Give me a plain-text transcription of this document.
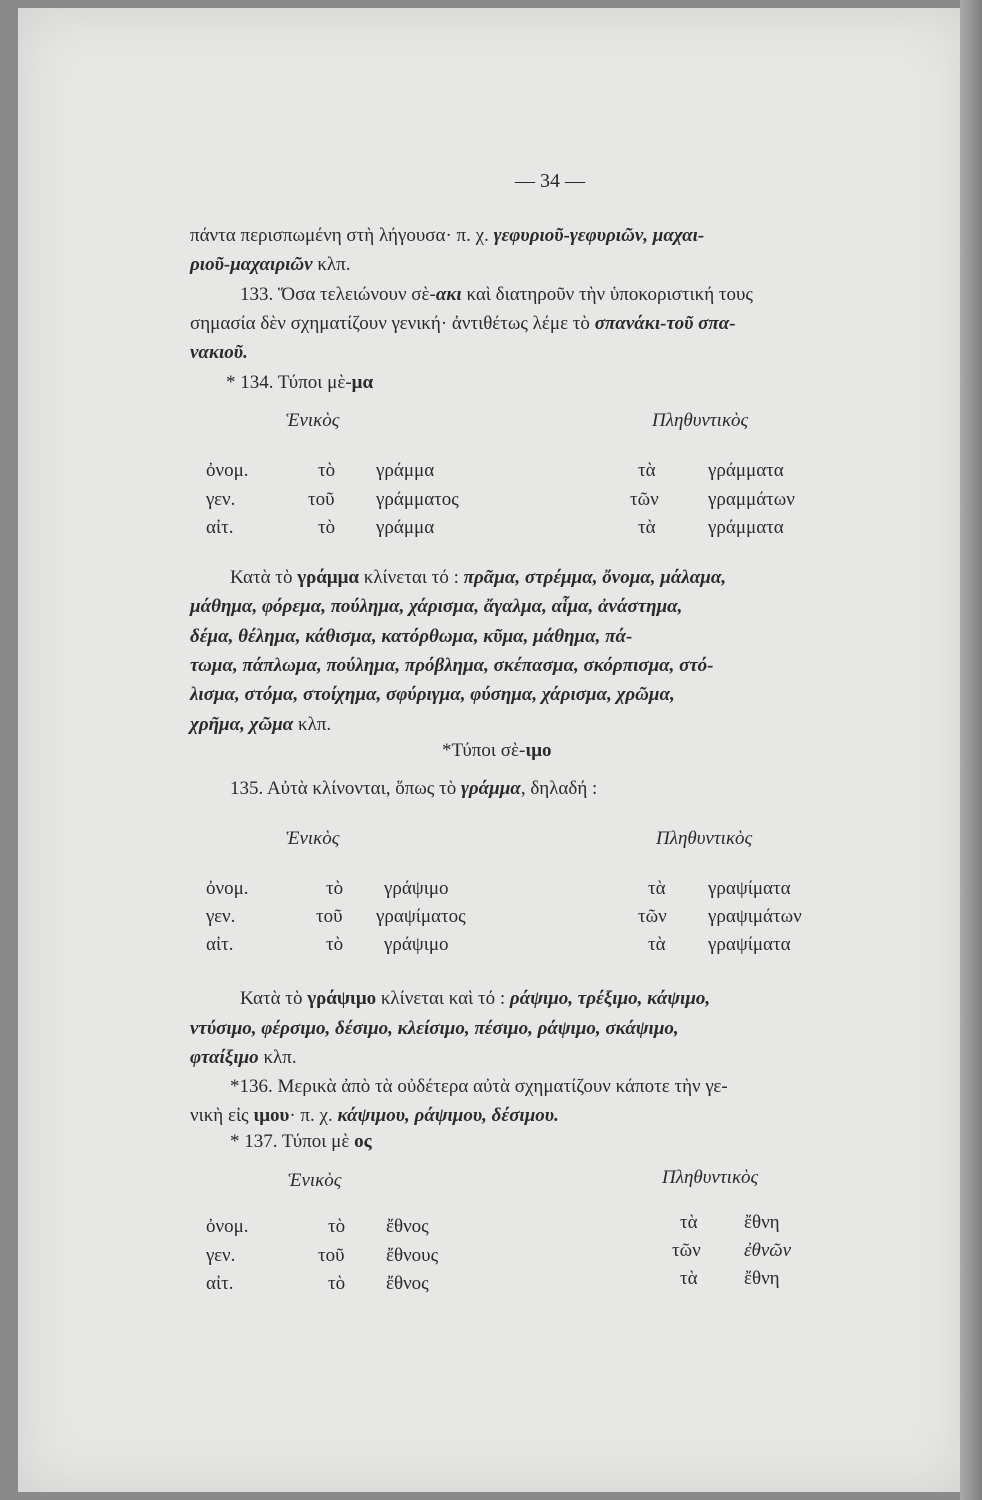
— 34 —
πάντα περισπωμένη στὴ λήγουσα· π. χ. γεφυριοῦ-γεφυριῶν, μαχαι-
ριοῦ-μαχαιριῶν κλπ.
133. Ὅσα τελειώνουν σὲ-ακι καὶ διατηροῦν τὴν ὑποκοριστική τους
σημασία δὲν σχηματίζουν γενική· ἀντιθέτως λέμε τὸ σπανάκι-τοῦ σπα-
νακιοῦ.
* 134. Τύποι μὲ-μα
Ἑνικὸς	Πληθυντικὸς
ὀνομ.	τὸ γράμμα	τὰ	γράμματα
γεν.	τοῦ γράμματος	τῶν	γραμμάτων
αἰτ.	τὸ γράμμα	τὰ	γράμματα
Κατὰ τὸ γράμμα κλίνεται τό : πρᾶμα, στρέμμα, ὄνομα, μάλαμα,
μάθημα, φόρεμα, πούλημα, χάρισμα, ἄγαλμα, αἷμα, ἀνάστημα,
δέμα, θέλημα, κάθισμα, κατόρθωμα, κῦμα, μάθημα, πά-
τωμα, πάπλωμα, πούλημα, πρόβλημα, σκέπασμα, σκόρπισμα, στό-
λισμα, στόμα, στοίχημα, σφύριγμα, φύσημα, χάρισμα, χρῶμα,
χρῆμα, χῶμα κλπ.
*Τύποι σὲ-ιμο
135. Αὐτὰ κλίνονται, ὅπως τὸ γράμμα, δηλαδή :
Ἑνικὸς	Πληθυντικὸς
ὀνομ.	τὸ γράψιμο	τὰ γραψίματα
γεν.	τοῦ γραψίματος	τῶν γραψιμάτων
αἰτ.	τὸ γράψιμο	τὰ γραψίματα
Κατὰ τὸ γράψιμο κλίνεται καὶ τό : ράψιμο, τρέξιμο, κάψιμο,
ντύσιμο, φέρσιμο, δέσιμο, κλείσιμο, πέσιμο, ράψιμο, σκάψιμο,
φταίξιμο κλπ.
*136. Μερικὰ ἀπὸ τὰ οὐδέτερα αὐτὰ σχηματίζουν κάποτε τὴν γε-
νικὴ εἰς ιμου· π. χ. κάψιμου, ράψιμου, δέσιμου.
* 137. Τύποι μὲ ος
Ἑνικὸς	Πληθυντικὸς
ὀνομ.	τὸ ἔθνος	τὰ ἔθνη
γεν.	τοῦ ἔθνους	τῶν ἐθνῶν
αἰτ.	τὸ ἔθνος	τὰ ἔθνη
